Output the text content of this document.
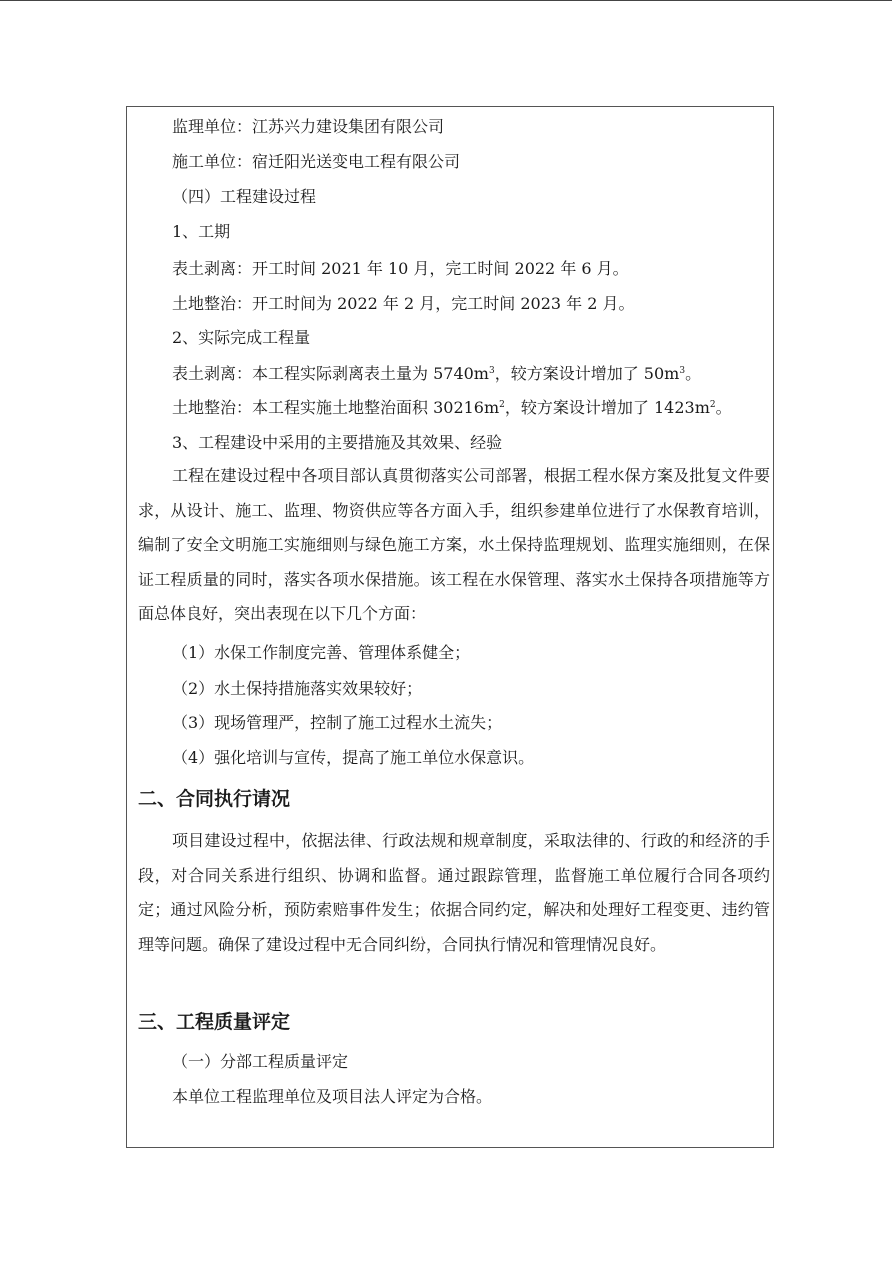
监理单位：江苏兴力建设集团有限公司
施工单位：宿迁阳光送变电工程有限公司
（四）工程建设过程
1、工期
表土剥离：开工时间 2021 年 10 月，完工时间 2022 年 6 月。
土地整治：开工时间为 2022 年 2 月，完工时间 2023 年 2 月。
2、实际完成工程量
表土剥离：本工程实际剥离表土量为 $5740m^3$，较方案设计增加了 $50m^3$。
土地整治：本工程实施土地整治面积 $30216m^2$，较方案设计增加了 $1423m^2$。
3、工程建设中采用的主要措施及其效果、经验

工程在建设过程中各项目部认真贯彻落实公司部署，根据工程水保方案及批复文件要求，从设计、施工、监理、物资供应等各方面入手，组织参建单位进行了水保教育培训，编制了安全文明施工实施细则与绿色施工方案，水土保持监理规划、监理实施细则，在保证工程质量的同时，落实各项水保措施。该工程在水保管理、落实水土保持各项措施等方面总体良好，突出表现在以下几个方面：

（1）水保工作制度完善、管理体系健全；
（2）水土保持措施落实效果较好；
（3）现场管理严，控制了施工过程水土流失；
（4）强化培训与宣传，提高了施工单位水保意识。
二、合同执行请况

项目建设过程中，依据法律、行政法规和规章制度，采取法律的、行政的和经济的手段，对合同关系进行组织、协调和监督。通过跟踪管理，监督施工单位履行合同各项约定；通过风险分析，预防索赔事件发生；依据合同约定，解决和处理好工程变更、违约管理等问题。确保了建设过程中无合同纠纷，合同执行情况和管理情况良好。

三、工程质量评定
（一）分部工程质量评定
本单位工程监理单位及项目法人评定为合格。
